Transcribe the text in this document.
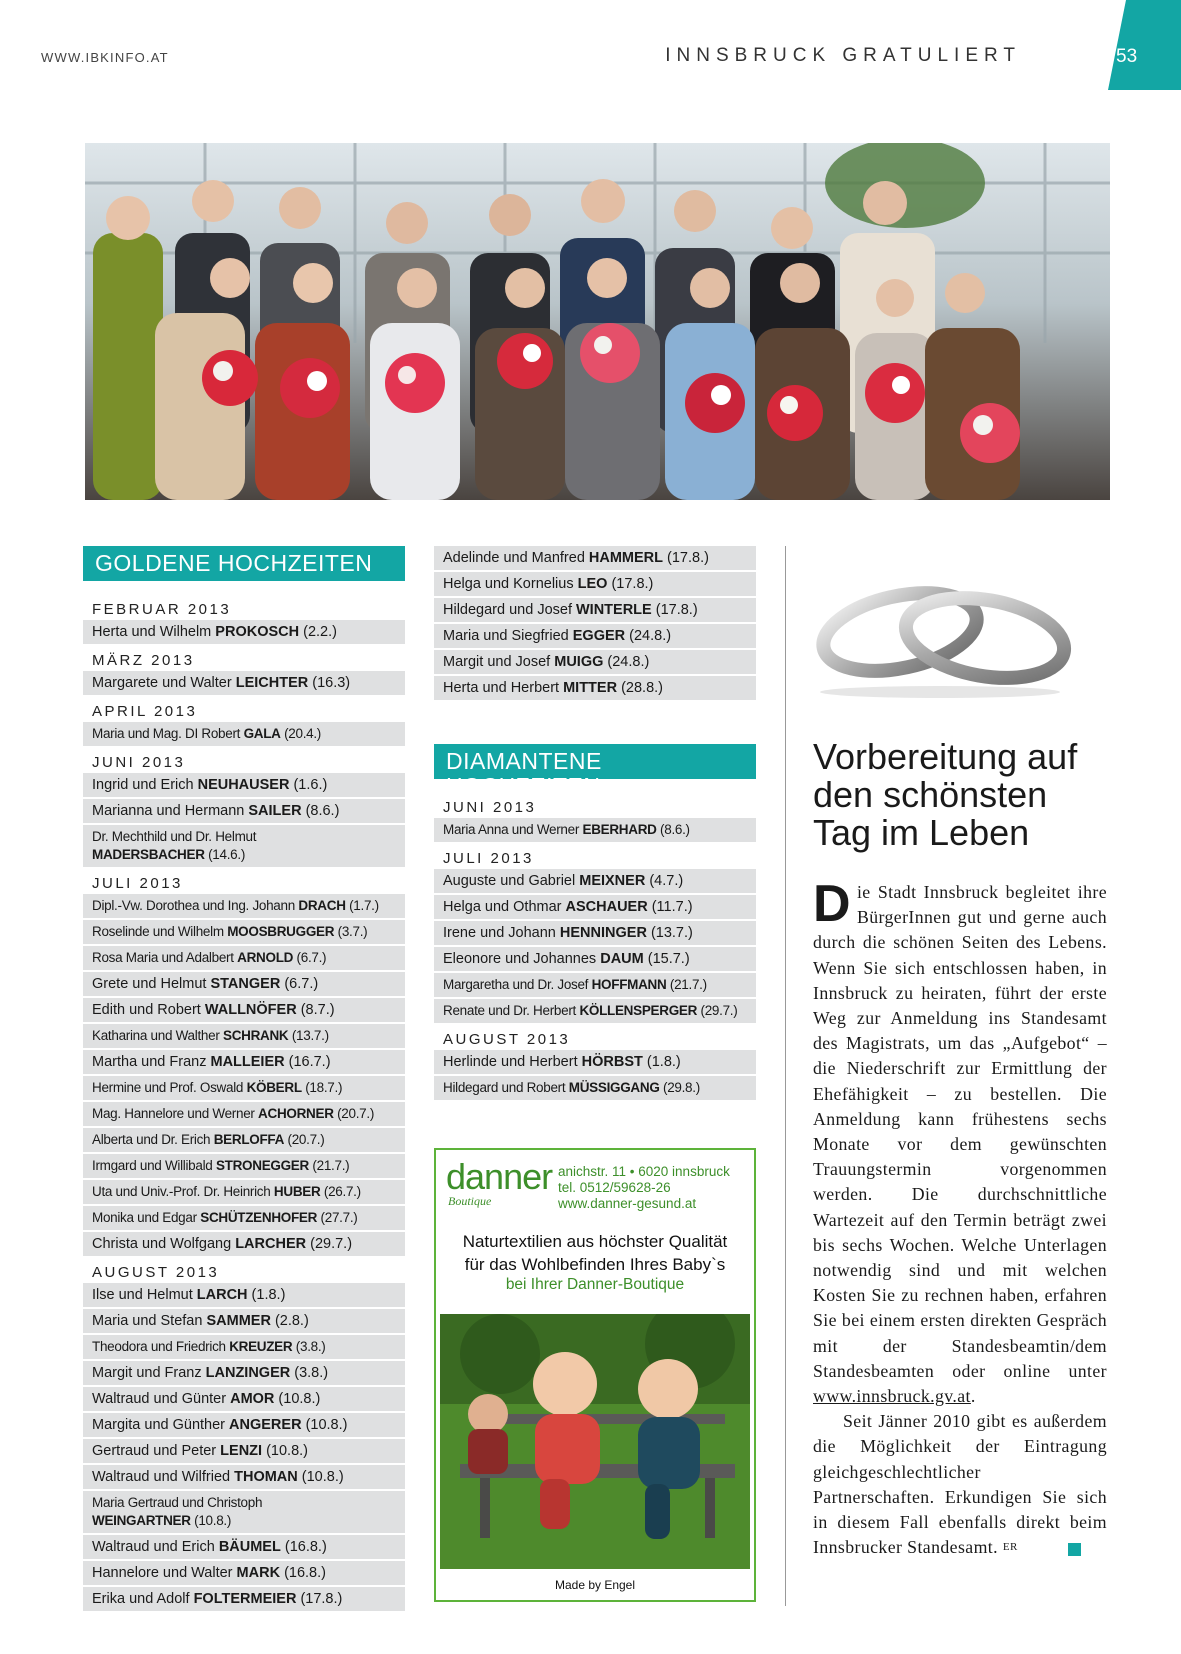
WWW.IBKINFO.AT	INNSBRUCK GRATULIERT	53
GOLDENE HOCHZEITEN
FEBRUAR 2013
Herta und Wilhelm PROKOSCH (2.2.)
MÄRZ 2013
Margarete und Walter LEICHTER (16.3)
APRIL 2013
Maria und Mag. DI Robert GALA (20.4.)
JUNI 2013
Ingrid und Erich NEUHAUSER (1.6.)
Marianna und Hermann SAILER (8.6.)
Dr. Mechthild und Dr. Helmut
MADERSBACHER (14.6.)
JULI 2013
Dipl.-Vw. Dorothea und Ing. Johann DRACH (1.7.)
Roselinde und Wilhelm MOOSBRUGGER (3.7.)
Rosa Maria und Adalbert ARNOLD (6.7.)
Grete und Helmut STANGER (6.7.)
Edith und Robert WALLNÖFER (8.7.)
Katharina und Walther SCHRANK (13.7.)
Martha und Franz MALLEIER (16.7.)
Hermine und Prof. Oswald KÖBERL (18.7.)
Mag. Hannelore und Werner ACHORNER (20.7.)
Alberta und Dr. Erich BERLOFFA (20.7.)
Irmgard und Willibald STRONEGGER (21.7.)
Uta und Univ.-Prof. Dr. Heinrich HUBER (26.7.)
Monika und Edgar SCHÜTZENHOFER (27.7.)
Christa und Wolfgang LARCHER (29.7.)
AUGUST 2013
Ilse und Helmut LARCH (1.8.)
Maria und Stefan SAMMER (2.8.)
Theodora und Friedrich KREUZER (3.8.)
Margit und Franz LANZINGER (3.8.)
Waltraud und Günter AMOR (10.8.)
Margita und Günther ANGERER (10.8.)
Gertraud und Peter LENZI (10.8.)
Waltraud und Wilfried THOMAN (10.8.)
Maria Gertraud und Christoph
WEINGARTNER (10.8.)
Waltraud und Erich BÄUMEL (16.8.)
Hannelore und Walter MARK (16.8.)
Erika und Adolf FOLTERMEIER (17.8.)
Adelinde und Manfred HAMMERL (17.8.)
Helga und Kornelius LEO (17.8.)
Hildegard und Josef WINTERLE (17.8.)
Maria und Siegfried EGGER (24.8.)
Margit und Josef MUIGG (24.8.)
Herta und Herbert MITTER (28.8.)
DIAMANTENE HOCHZEITEN
JUNI 2013
Maria Anna und Werner EBERHARD (8.6.)
JULI 2013
Auguste und Gabriel MEIXNER (4.7.)
Helga und Othmar ASCHAUER (11.7.)
Irene und Johann HENNINGER (13.7.)
Eleonore und Johannes DAUM (15.7.)
Margaretha und Dr. Josef HOFFMANN (21.7.)
Renate und Dr. Herbert KÖLLENSPERGER (29.7.)
AUGUST 2013
Herlinde und Herbert HÖRBST (1.8.)
Hildegard und Robert MÜSSIGGANG (29.8.)
danner
Boutique
anichstr. 11 • 6020 innsbruck
tel. 0512/59628-26
www.danner-gesund.at
Naturtextilien aus höchster Qualität
für das Wohlbefinden Ihres Baby`s
bei Ihrer Danner-Boutique
Made by Engel
Vorbereitung auf
den schönsten
Tag im Leben

Die Stadt Innsbruck begleitet ihre BürgerInnen gut und gerne auch durch die schönen Seiten des Lebens. Wenn Sie sich entschlossen haben, in Innsbruck zu heiraten, führt der erste Weg zur Anmeldung ins Standesamt des Magistrats, um das „Aufgebot“ – die Niederschrift zur Ermittlung der Ehefähigkeit – zu bestellen. Die Anmeldung kann frühestens sechs Monate vor dem gewünschten Trauungstermin vorgenommen werden. Die durchschnittliche Wartezeit auf den Termin beträgt zwei bis sechs Wochen. Welche Unterlagen notwendig sind und mit welchen Kosten Sie zu rechnen haben, erfahren Sie bei einem ersten direkten Gespräch mit der Standesbeamtin/dem Standesbeamten oder online unter www.innsbruck.gv.at.

Seit Jänner 2010 gibt es außerdem die Möglichkeit der Eintragung gleichgeschlechtlicher Partnerschaften. Erkundigen Sie sich in diesem Fall ebenfalls direkt beim Innsbrucker Standesamt. $^{ER}$
